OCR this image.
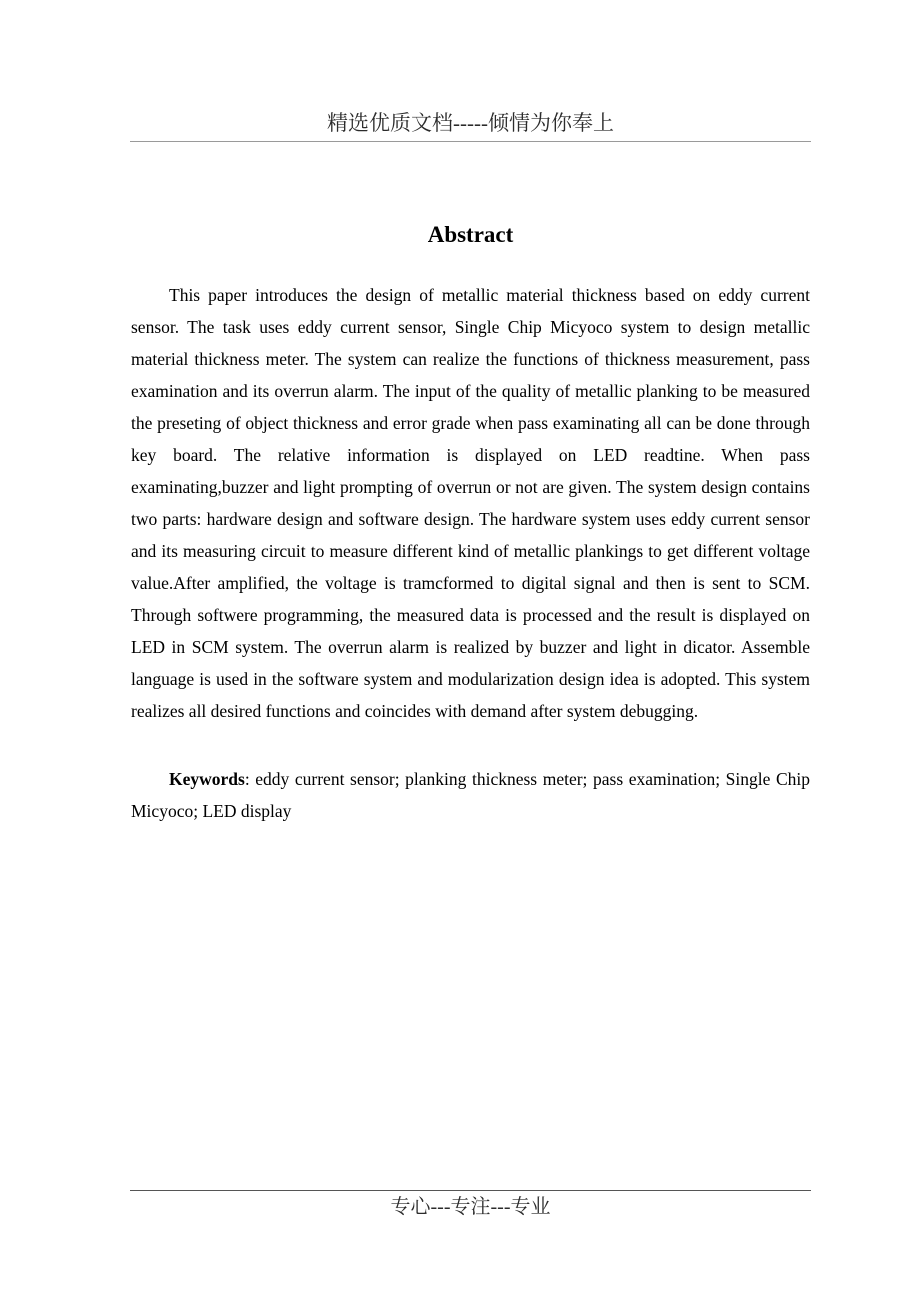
精选优质文档-----倾情为你奉上
Abstract

This paper introduces the design of metallic material thickness based on eddy current sensor. The task uses eddy current sensor, Single Chip Micyoco system to design metallic material thickness meter. The system can realize the functions of thickness measurement, pass examination and its overrun alarm. The input of the quality of metallic planking to be measured the preseting of object thickness and error grade when pass examinating all can be done through key board. The relative information is displayed on LED readtine. When pass examinating,buzzer and light prompting of overrun or not are given. The system design contains two parts: hardware design and software design. The hardware system uses eddy current sensor and its measuring circuit to measure different kind of metallic plankings to get different voltage value.After amplified, the voltage is tramcformed to digital signal and then is sent to SCM. Through softwere programming, the measured data is processed and the result is displayed on LED in SCM system. The overrun alarm is realized by buzzer and light in dicator. Assemble language is used in the software system and modularization design idea is adopted. This system realizes all desired functions and coincides with demand after system debugging.

Keywords: eddy current sensor; planking thickness meter; pass examination; Single Chip Micyoco; LED display

专心---专注---专业
